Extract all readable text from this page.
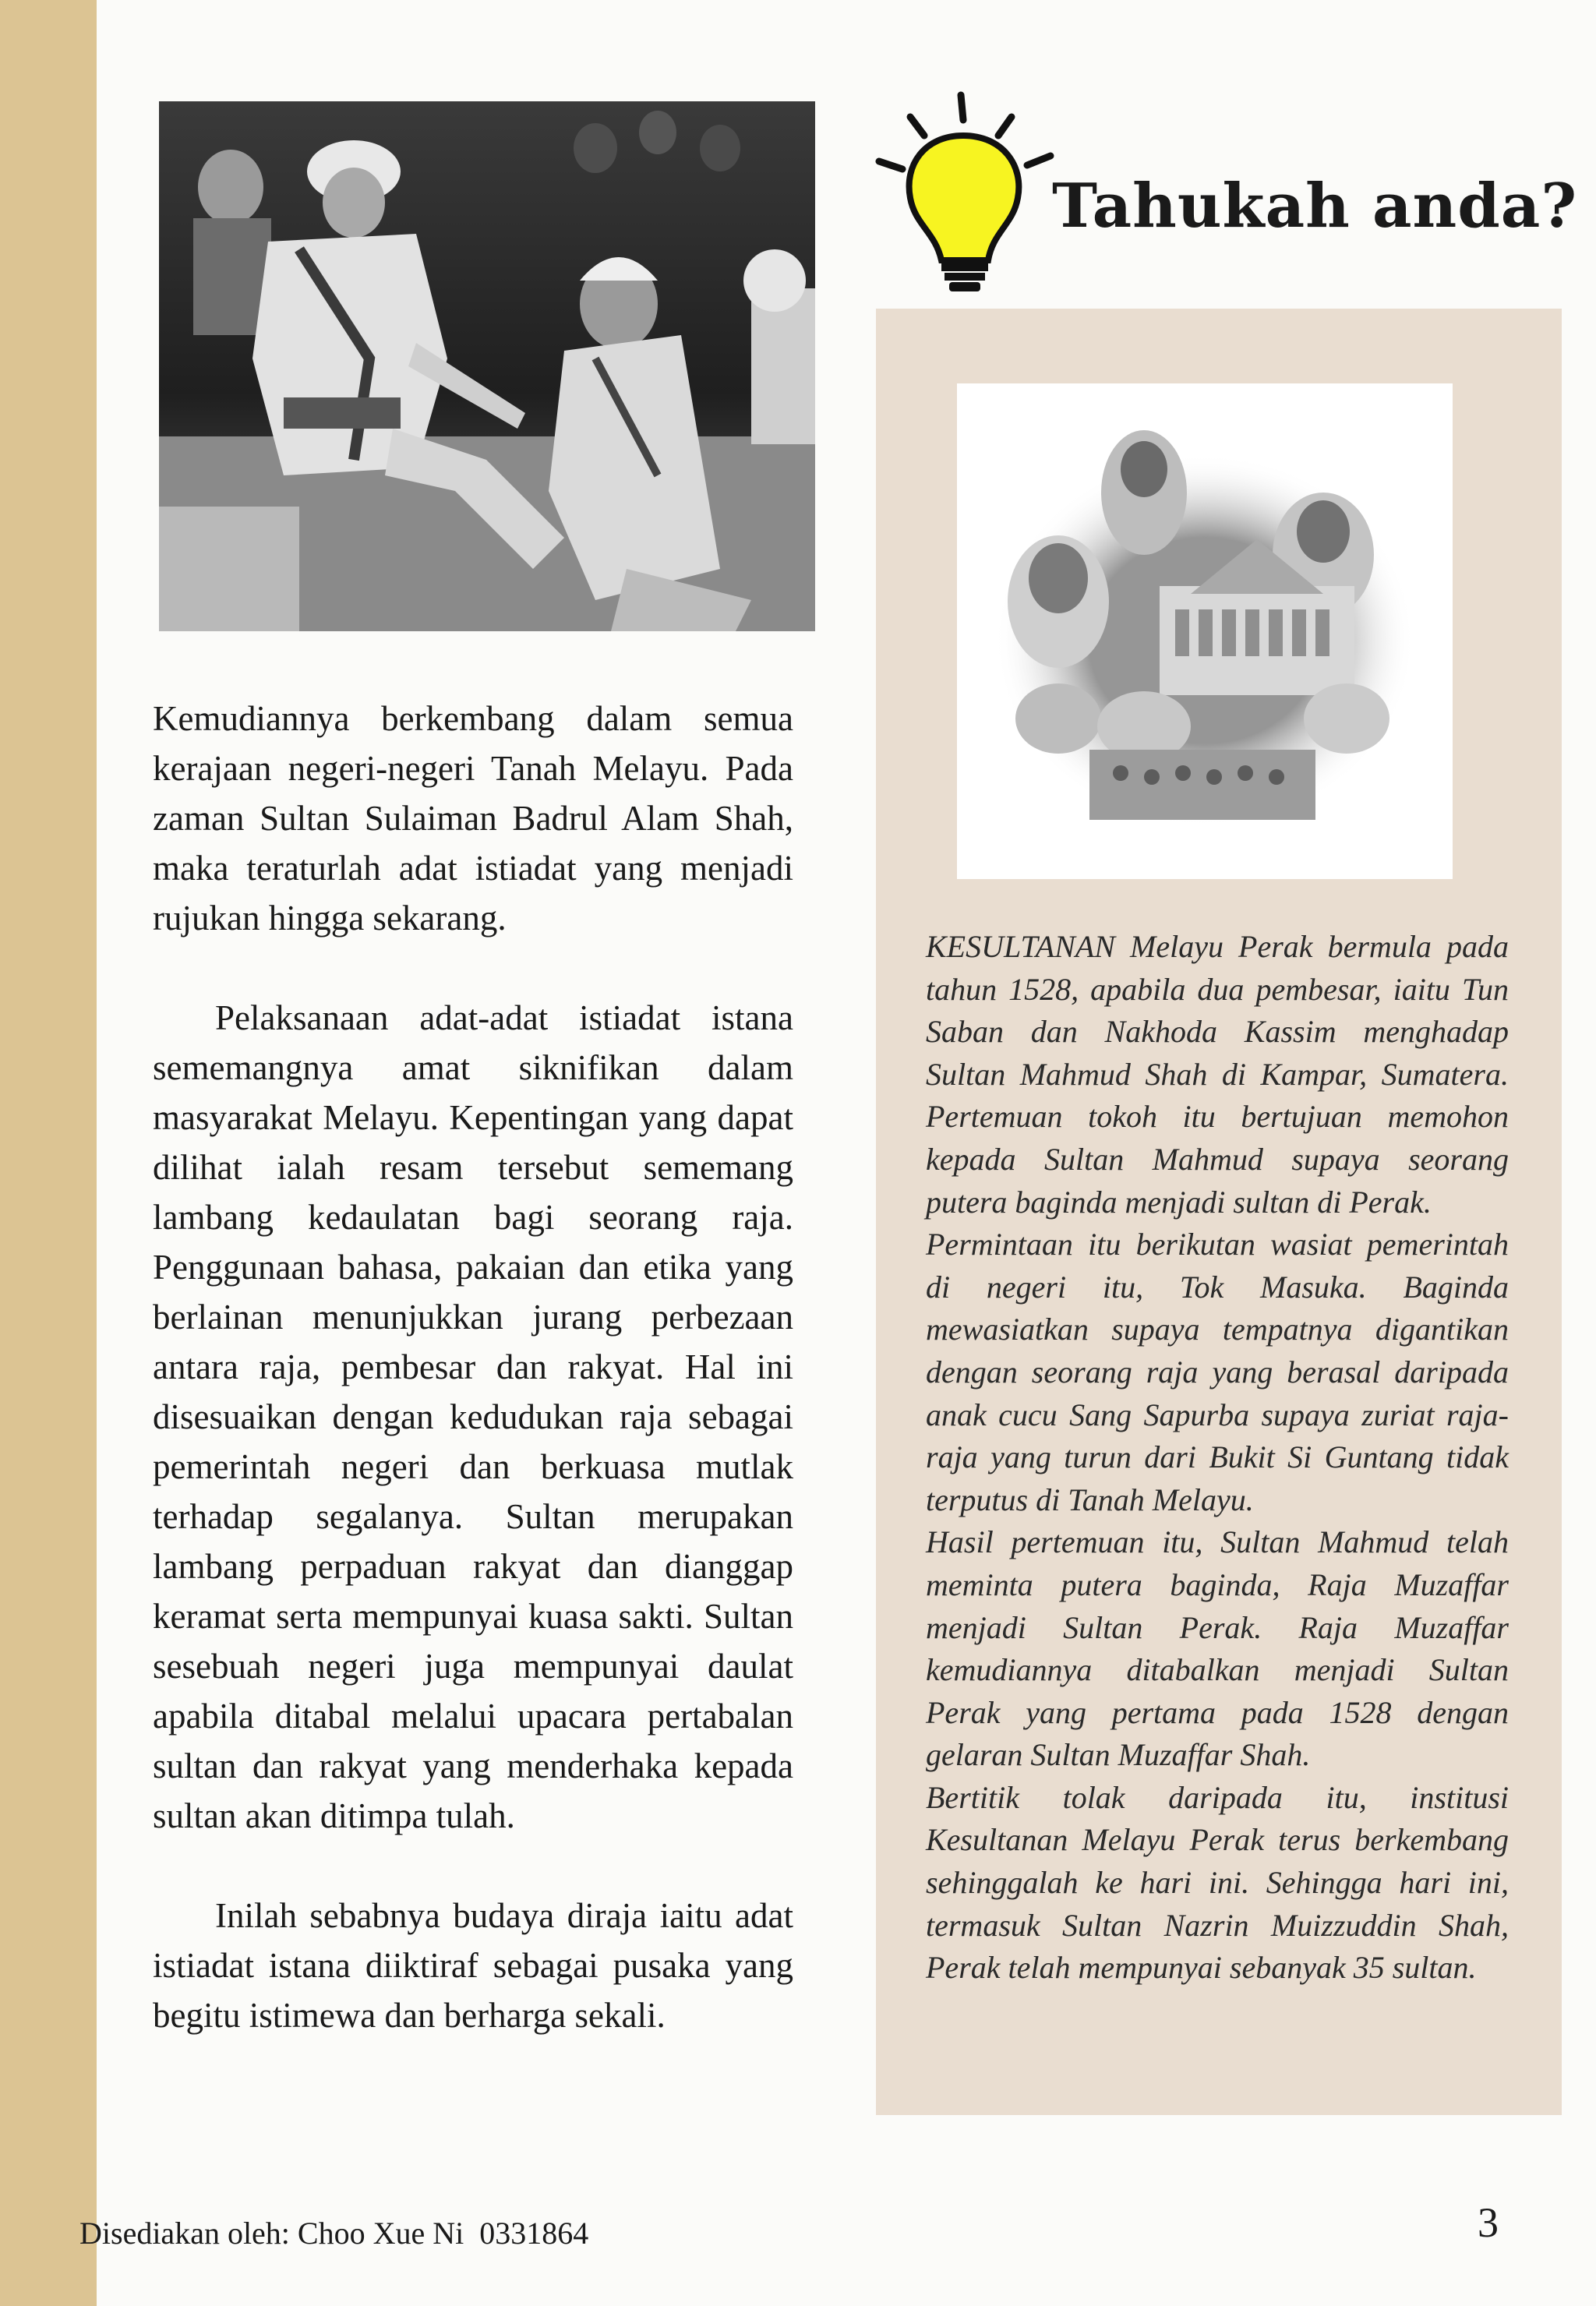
Kemudiannya berkembang dalam semua kerajaan negeri-negeri Tanah Melayu. Pada zaman Sultan Sulaiman Badrul Alam Shah, maka teraturlah adat istiadat yang menjadi rujukan hingga sekarang.

Pelaksanaan adat-adat istiadat istana sememangnya amat siknifikan dalam masyarakat Melayu. Kepentingan yang dapat dilihat ialah resam tersebut sememang lambang kedaulatan bagi seorang raja. Penggunaan bahasa, pakaian dan etika yang berlainan menunjukkan jurang perbezaan antara raja, pembesar dan rakyat. Hal ini disesuaikan dengan kedudukan raja sebagai pemerintah negeri dan berkuasa mutlak terhadap segalanya. Sultan merupakan lambang perpaduan rakyat dan dianggap keramat serta mempunyai kuasa sakti. Sultan sesebuah negeri juga mempunyai daulat apabila ditabal melalui upacara pertabalan sultan dan rakyat yang menderhaka kepada sultan akan ditimpa tulah.

Inilah sebabnya budaya diraja iaitu adat istiadat istana diiktiraf sebagai pusaka yang begitu istimewa dan berharga sekali.

Tahukah anda?

KESULTANAN Melayu Perak bermula pada tahun 1528, apabila dua pembesar, iaitu Tun Saban dan Nakhoda Kassim menghadap Sultan Mahmud Shah di Kampar, Sumatera. Pertemuan tokoh itu bertujuan memohon kepada Sultan Mahmud supaya seorang putera baginda menjadi sultan di Perak.

Permintaan itu berikutan wasiat pemerintah di negeri itu, Tok Masuka. Baginda mewasiatkan supaya tempatnya digantikan dengan seorang raja yang berasal daripada anak cucu Sang Sapurba supaya zuriat raja-raja yang turun dari Bukit Si Guntang tidak terputus di Tanah Melayu.

Hasil pertemuan itu, Sultan Mahmud telah meminta putera baginda, Raja Muzaffar menjadi Sultan Perak. Raja Muzaffar kemudiannya ditabalkan menjadi Sultan Perak yang pertama pada 1528 dengan gelaran Sultan Muzaffar Shah.

Bertitik tolak daripada itu, institusi Kesultanan Melayu Perak terus berkembang sehinggalah ke hari ini. Sehingga hari ini, termasuk Sultan Nazrin Muizzuddin Shah, Perak telah mempunyai sebanyak 35 sultan.

Disediakan oleh: Choo Xue Ni  0331864	3
